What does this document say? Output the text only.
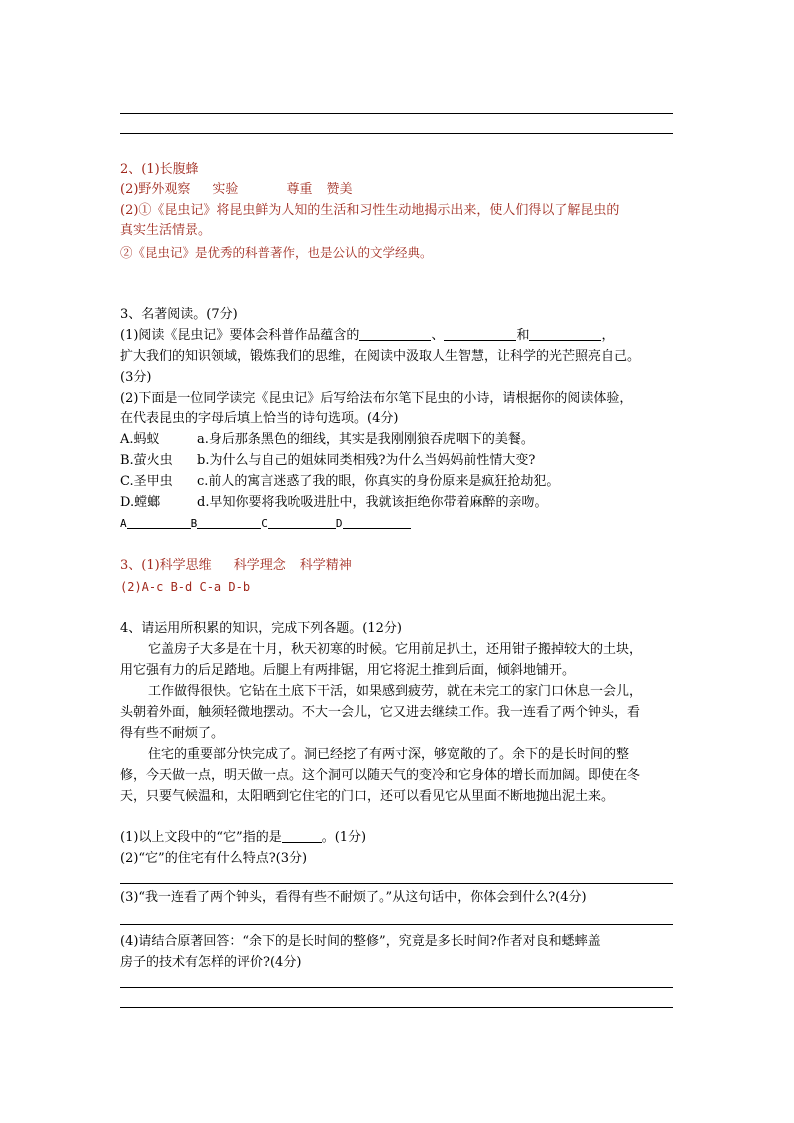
2、(1)长腹蜂
(2)野外观察 实验	尊重 赞美
(2)①《昆虫记》将昆虫鲜为人知的生活和习性生动地揭示出来，使人们得以了解昆虫的
真实生活情景。
②《昆虫记》是优秀的科普著作，也是公认的文学经典。
3、名著阅读。(7分)
(1)阅读《昆虫记》要体会科普作品蕴含的	、	和	，
扩大我们的知识领域，锻炼我们的思维，在阅读中汲取人生智慧，让科学的光芒照亮自己。
(3分)
(2)下面是一位同学读完《昆虫记》后写给法布尔笔下昆虫的小诗，请根据你的阅读体验，
在代表昆虫的字母后填上恰当的诗句选项。(4分)
A.蚂蚁	a.身后那条黑色的细线，其实是我刚刚狼吞虎咽下的美餐。
B.萤火虫 b.为什么与自己的姐妹同类相残?为什么当妈妈前性情大变?
C.圣甲虫 c.前人的寓言迷惑了我的眼，你真实的身份原来是疯狂抢劫犯。
D.螳螂	d.早知你要将我吮吸进肚中，我就该拒绝你带着麻醉的亲吻。
A	B	C	D
3、(1)科学思维 科学理念 科学精神
(2)A-c B-d C-a D-b
4、请运用所积累的知识，完成下列各题。(12分)
它盖房子大多是在十月，秋天初寒的时候。它用前足扒土，还用钳子搬掉较大的土块，
用它强有力的后足踏地。后腿上有两排锯，用它将泥土推到后面，倾斜地铺开。
工作做得很快。它钻在土底下干活，如果感到疲劳，就在未完工的家门口休息一会儿，
头朝着外面，触须轻微地摆动。不大一会儿，它又进去继续工作。我一连看了两个钟头，看
得有些不耐烦了。
住宅的重要部分快完成了。洞已经挖了有两寸深，够宽敞的了。余下的是长时间的整
修，今天做一点，明天做一点。这个洞可以随天气的变冷和它身体的增长而加阔。即使在冬
天，只要气候温和，太阳晒到它住宅的门口，还可以看见它从里面不断地抛出泥土来。
(1)以上文段中的“它”指的是	。(1分)
(2)“它”的住宅有什么特点?(3分)
(3)“我一连看了两个钟头，看得有些不耐烦了。”从这句话中，你体会到什么?(4分)
(4)请结合原著回答：“余下的是长时间的整修”，究竟是多长时间?作者对良和蟋蟀盖
房子的技术有怎样的评价?(4分)
